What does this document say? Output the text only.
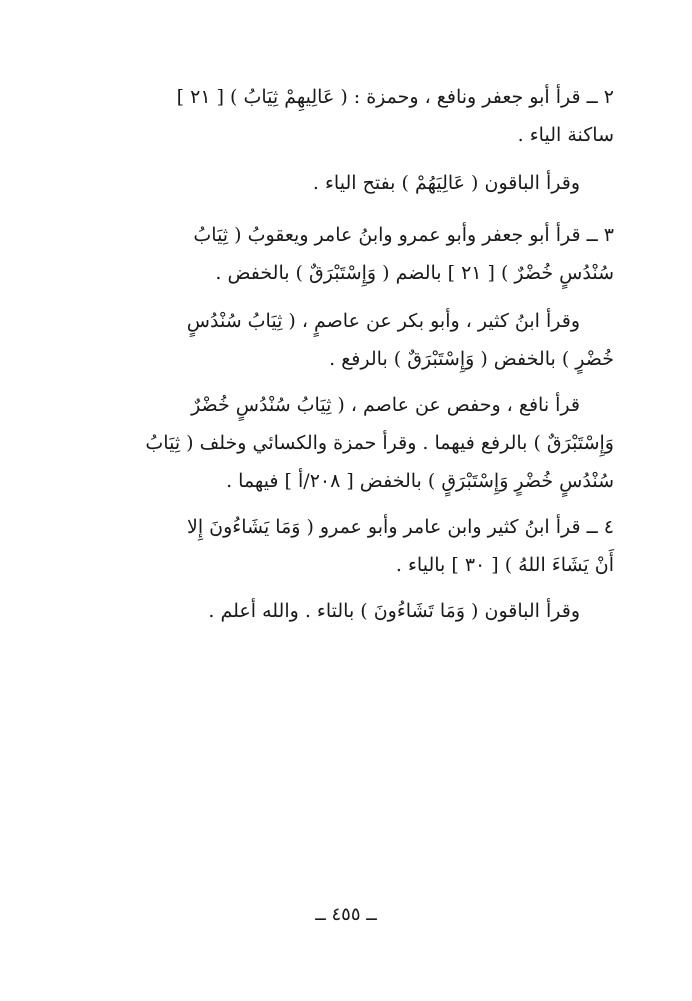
٢ ــ قرأ أبو جعفر ونافع ، وحمزة : ( عَالِيهِمْ ثِيَابُ ) [ ٢١ ]
ساكنة الياء .
وقرأ الباقون ( عَالِيَهُمْ ) بفتح الياء .
٣ ــ قرأ أبو جعفر وأبو عمرو وابنُ عامر ويعقوبُ ( ثِيَابُ
سُنْدُسٍ خُضْرٌ ) [ ٢١ ] بالضم ( وَإِسْتَبْرَقٌ ) بالخفض .
وقرأ ابنُ كثير ، وأبو بكر عن عاصمٍ ، ( ثِيَابُ سُنْدُسٍ
خُضْرٍ ) بالخفض ( وَإِسْتَبْرَقٌ ) بالرفع .
قرأ نافع ، وحفص عن عاصم ، ( ثِيَابُ سُنْدُسٍ خُضْرٌ
وَإِسْتَبْرَقٌ ) بالرفع فيهما . وقرأ حمزة والكسائي وخلف ( ثِيَابُ
سُنْدُسٍ خُضْرٍ وَإِسْتَبْرَقٍ ) بالخفض [ ٢٠٨/أ ] فيهما .
٤ ــ قرأ ابنُ كثير وابن عامر وأبو عمرو ( وَمَا يَشَاءُونَ إِلا
أَنْ يَشَاءَ اللهُ ) [ ٣٠ ] بالياء .
وقرأ الباقون ( وَمَا تَشَاءُونَ ) بالتاء . والله أعلم .

ــ ٤٥٥ ــ
